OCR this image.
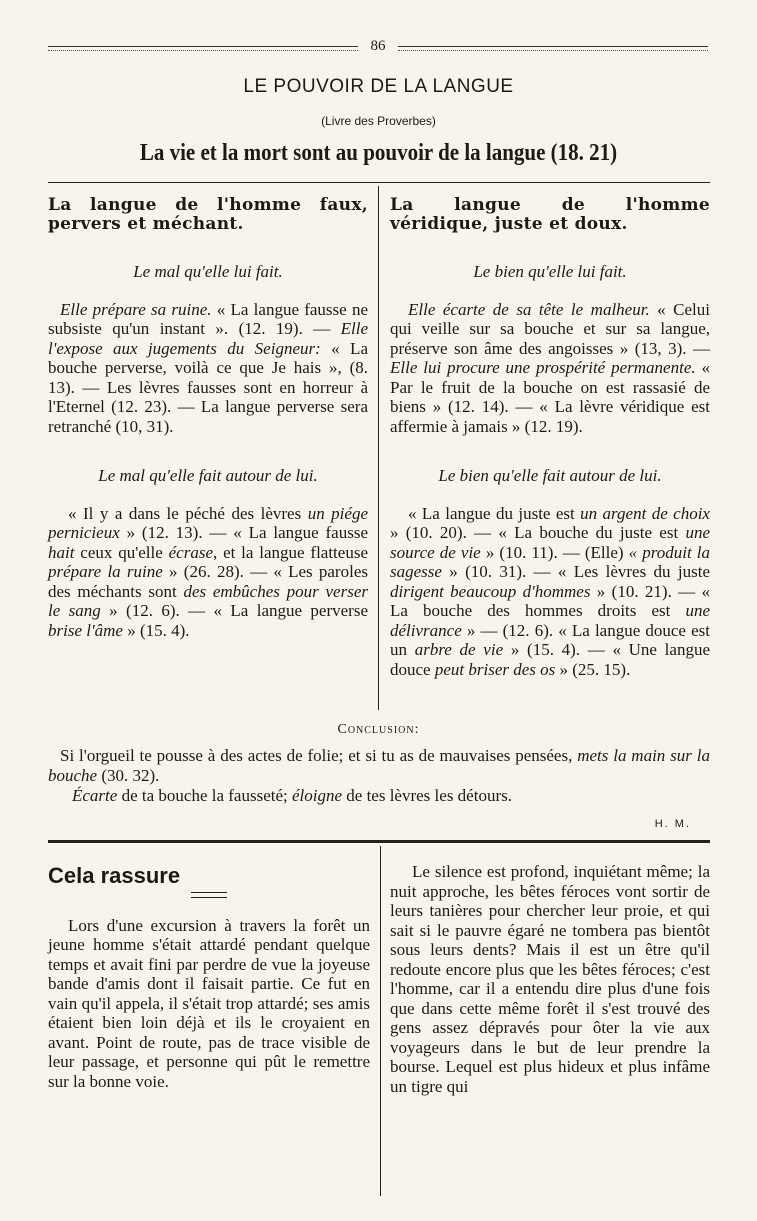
86
LE POUVOIR DE LA LANGUE
(Livre des Proverbes)
La vie et la mort sont au pouvoir de la langue (18. 21)

La langue de l'homme faux, pervers et méchant.

Le mal qu'elle lui fait.

Elle prépare sa ruine. « La langue fausse ne subsiste qu'un instant ». (12. 19). — Elle l'expose aux jugements du Seigneur: « La bouche perverse, voilà ce que Je hais », (8. 13). — Les lèvres fausses sont en horreur à l'Eternel (12. 23). — La langue perverse sera retranché (10, 31).

Le mal qu'elle fait autour de lui.

« Il y a dans le péché des lèvres un piége pernicieux » (12. 13). — « La langue fausse hait ceux qu'elle écrase, et la langue flatteuse prépare la ruine » (26. 28). — « Les paroles des méchants sont des embûches pour verser le sang » (12. 6). — « La langue perverse brise l'âme » (15. 4).

La langue de l'homme véridique, juste et doux.

Le bien qu'elle lui fait.

Elle écarte de sa tête le malheur. « Celui qui veille sur sa bouche et sur sa langue, préserve son âme des angoisses » (13, 3). — Elle lui procure une prospérité permanente. « Par le fruit de la bouche on est rassasié de biens » (12. 14). — « La lèvre véridique est affermie à jamais » (12. 19).

Le bien qu'elle fait autour de lui.

« La langue du juste est un argent de choix » (10. 20). — « La bouche du juste est une source de vie » (10. 11). — (Elle) « produit la sagesse » (10. 31). — « Les lèvres du juste dirigent beaucoup d'hommes » (10. 21). — « La bouche des hommes droits est une délivrance » — (12. 6). « La langue douce est un arbre de vie » (15. 4). — « Une langue douce peut briser des os » (25. 15).

Conclusion:

Si l'orgueil te pousse à des actes de folie; et si tu as de mauvaises pensées, mets la main sur la bouche (30. 32).

Écarte de ta bouche la fausseté; éloigne de tes lèvres les détours.

H. M.

Cela rassure

Lors d'une excursion à travers la forêt un jeune homme s'était attardé pendant quelque temps et avait fini par perdre de vue la joyeuse bande d'amis dont il faisait partie. Ce fut en vain qu'il appela, il s'était trop attardé; ses amis étaient bien loin déjà et ils le croyaient en avant. Point de route, pas de trace visible de leur passage, et personne qui pût le remettre sur la bonne voie.

Le silence est profond, inquiétant même; la nuit approche, les bêtes féroces vont sortir de leurs tanières pour chercher leur proie, et qui sait si le pauvre égaré ne tombera pas bientôt sous leurs dents? Mais il est un être qu'il redoute encore plus que les bêtes féroces; c'est l'homme, car il a entendu dire plus d'une fois que dans cette même forêt il s'est trouvé des gens assez dépravés pour ôter la vie aux voyageurs dans le but de leur prendre la bourse. Lequel est plus hideux et plus infâme un tigre qui
